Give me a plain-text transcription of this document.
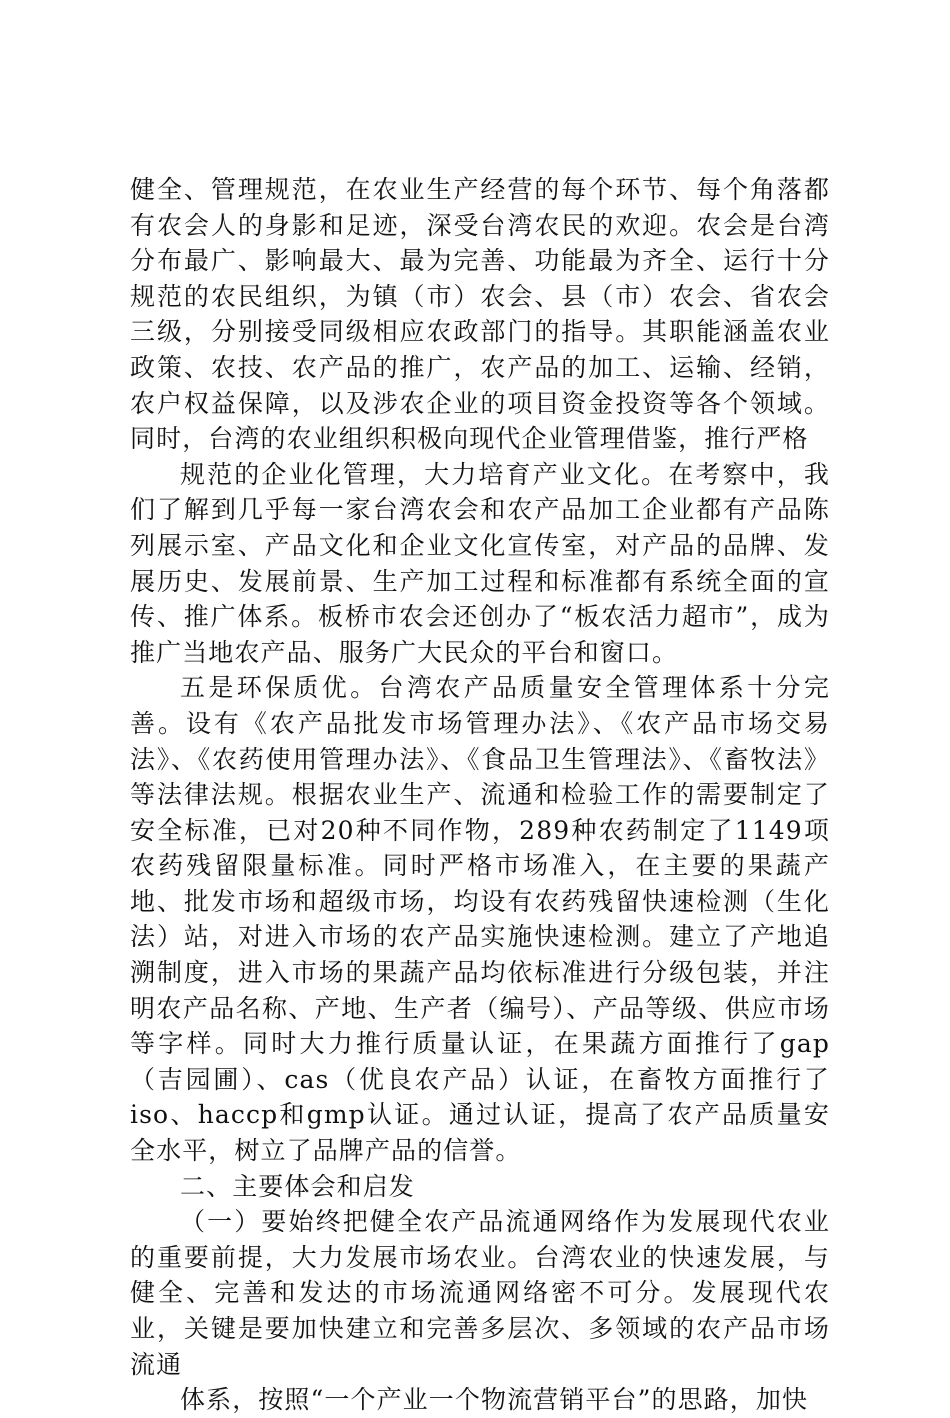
健全、管理规范，在农业生产经营的每个环节、每个角落都有农会人的身影和足迹，深受台湾农民的欢迎。农会是台湾分布最广、影响最大、最为完善、功能最为齐全、运行十分规范的农民组织，为镇（市）农会、县（市）农会、省农会三级，分别接受同级相应农政部门的指导。其职能涵盖农业政策、农技、农产品的推广，农产品的加工、运输、经销，农户权益保障，以及涉农企业的项目资金投资等各个领域。同时，台湾的农业组织积极向现代企业管理借鉴，推行严格

规范的企业化管理，大力培育产业文化。在考察中，我们了解到几乎每一家台湾农会和农产品加工企业都有产品陈列展示室、产品文化和企业文化宣传室，对产品的品牌、发展历史、发展前景、生产加工过程和标准都有系统全面的宣传、推广体系。板桥市农会还创办了“板农活力超市”，成为推广当地农产品、服务广大民众的平台和窗口。

五是环保质优。台湾农产品质量安全管理体系十分完善。设有《农产品批发市场管理办法》、《农产品市场交易法》、《农药使用管理办法》、《食品卫生管理法》、《畜牧法》等法律法规。根据农业生产、流通和检验工作的需要制定了安全标准，已对20种不同作物，289种农药制定了1149项农药残留限量标准。同时严格市场准入，在主要的果蔬产地、批发市场和超级市场，均设有农药残留快速检测（生化法）站，对进入市场的农产品实施快速检测。建立了产地追溯制度，进入市场的果蔬产品均依标准进行分级包装，并注明农产品名称、产地、生产者（编号）、产品等级、供应市场等字样。同时大力推行质量认证，在果蔬方面推行了gap（吉园圃）、cas（优良农产品）认证，在畜牧方面推行了iso、haccp和gmp认证。通过认证，提高了农产品质量安全水平，树立了品牌产品的信誉。

二、主要体会和启发

（一）要始终把健全农产品流通网络作为发展现代农业的重要前提，大力发展市场农业。台湾农业的快速发展，与健全、完善和发达的市场流通网络密不可分。发展现代农业，关键是要加快建立和完善多层次、多领域的农产品市场流通

体系，按照“一个产业一个物流营销平台”的思路，加快
